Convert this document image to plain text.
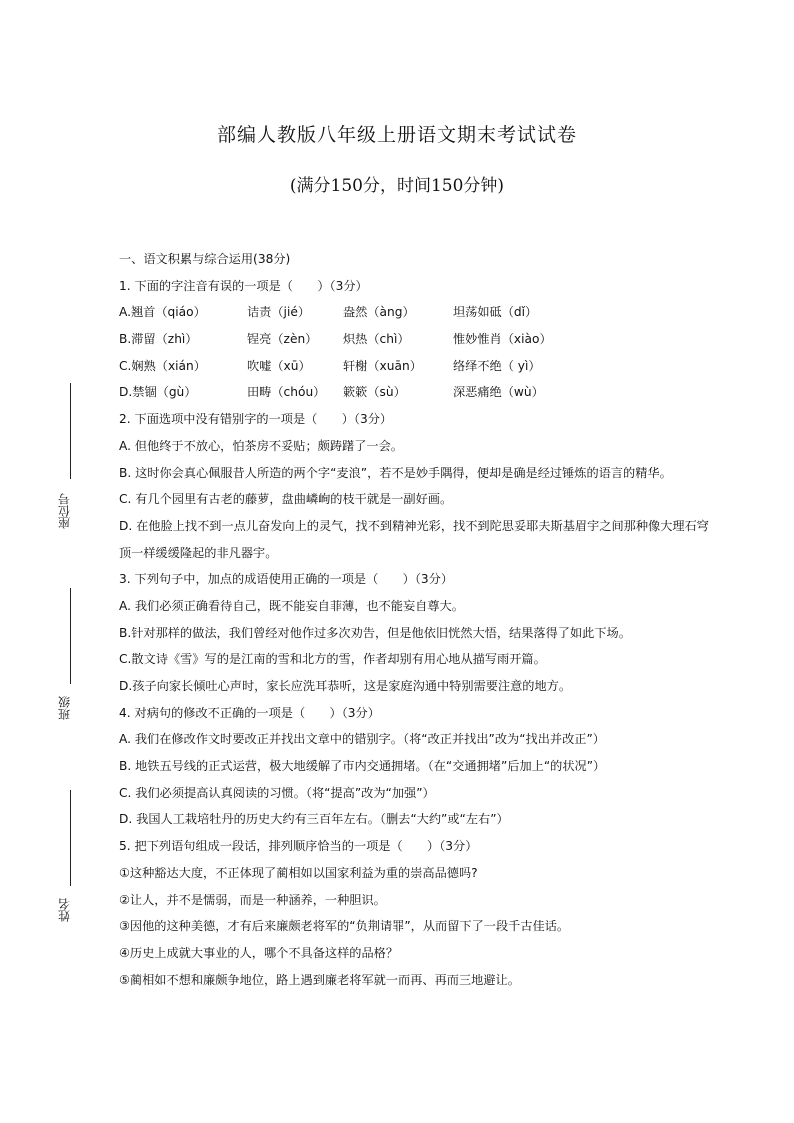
部编人教版八年级上册语文期末考试试卷
(满分150分，时间150分钟)
座位号
班级
姓名
一、语文积累与综合运用(38分)
1. 下面的字注音有误的一项是（　　）（3分）
A.翘首（qiáo）	诘责（jié）	盎然（àng）	坦荡如砥（dǐ）
B.滞留（zhì）	锃亮（zèn）	炽热（chì）	惟妙惟肖（xiào）
C.娴熟（xián）	吹嘘（xū）	轩榭（xuān）	络绎不绝（ yì）
D.禁锢（gù）	田畴（chóu）	簌簌（sù）	深恶痛绝（wù）
2. 下面选项中没有错别字的一项是（　　）（3分）
A. 但他终于不放心，怕茶房不妥贴；颇踌躇了一会。
B. 这时你会真心佩服昔人所造的两个字“麦浪”，若不是妙手隅得，便却是确是经过锤炼的语言的精华。
C. 有几个园里有古老的藤萝，盘曲嶙峋的枝干就是一副好画。
D. 在他脸上找不到一点儿奋发向上的灵气，找不到精神光彩，找不到陀思妥耶夫斯基眉宇之间那种像大理石穹顶一样缓缓隆起的非凡器宇。
3. 下列句子中，加点的成语使用正确的一项是（　　）（3分）
A. 我们必须正确看待自己，既不能妄自菲薄，也不能妄自尊大。
B.针对那样的做法，我们曾经对他作过多次劝告，但是他依旧恍然大悟，结果落得了如此下场。
C.散文诗《雪》写的是江南的雪和北方的雪，作者却别有用心地从描写雨开篇。
D.孩子向家长倾吐心声时，家长应洗耳恭听，这是家庭沟通中特别需要注意的地方。
4. 对病句的修改不正确的一项是（　　）（3分）
A. 我们在修改作文时要改正并找出文章中的错别字。（将“改正并找出”改为“找出并改正”）
B. 地铁五号线的正式运营，极大地缓解了市内交通拥堵。（在“交通拥堵”后加上“的状况”）
C. 我们必须提高认真阅读的习惯。（将“提高”改为“加强”）
D. 我国人工栽培牡丹的历史大约有三百年左右。（删去“大约”或“左右”）
5. 把下列语句组成一段话，排列顺序恰当的一项是（　　）（3分）
①这种豁达大度，不正体现了蔺相如以国家利益为重的崇高品德吗?
②让人，并不是懦弱，而是一种涵养，一种胆识。
③因他的这种美德，才有后来廉颇老将军的“负荆请罪”，从而留下了一段千古佳话。
④历史上成就大事业的人，哪个不具备这样的品格？
⑤蔺相如不想和廉颇争地位，路上遇到廉老将军就一而再、再而三地避让。
